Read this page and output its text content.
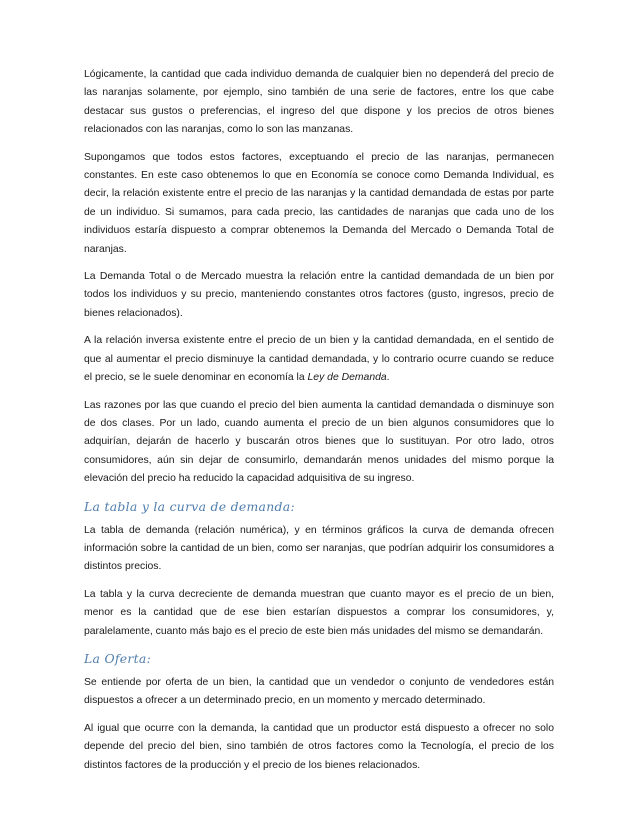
Lógicamente, la cantidad que cada individuo demanda de cualquier bien no dependerá del precio de las naranjas solamente, por ejemplo, sino también de una serie de factores, entre los que cabe destacar sus gustos o preferencias, el ingreso del que dispone y los precios de otros bienes relacionados con las naranjas, como lo son las manzanas.

Supongamos que todos estos factores, exceptuando el precio de las naranjas, permanecen constantes. En este caso obtenemos lo que en Economía se conoce como Demanda Individual, es decir, la relación existente entre el precio de las naranjas y la cantidad demandada de estas por parte de un individuo. Si sumamos, para cada precio, las cantidades de naranjas que cada uno de los individuos estaría dispuesto a comprar obtenemos la Demanda del Mercado o Demanda Total de naranjas.

La Demanda Total o de Mercado muestra la relación entre la cantidad demandada de un bien por todos los individuos y su precio, manteniendo constantes otros factores (gusto, ingresos, precio de bienes relacionados).

A la relación inversa existente entre el precio de un bien y la cantidad demandada, en el sentido de que al aumentar el precio disminuye la cantidad demandada, y lo contrario ocurre cuando se reduce el precio, se le suele denominar en economía la Ley de Demanda.

Las razones por las que cuando el precio del bien aumenta la cantidad demandada o disminuye son de dos clases. Por un lado, cuando aumenta el precio de un bien algunos consumidores que lo adquirían, dejarán de hacerlo y buscarán otros bienes que lo sustituyan. Por otro lado, otros consumidores, aún sin dejar de consumirlo, demandarán menos unidades del mismo porque la elevación del precio ha reducido la capacidad adquisitiva de su ingreso.

La tabla y la curva de demanda:

La tabla de demanda (relación numérica), y en términos gráficos la curva de demanda ofrecen información sobre la cantidad de un bien, como ser naranjas, que podrían adquirir los consumidores a distintos precios.

La tabla y la curva decreciente de demanda muestran que cuanto mayor es el precio de un bien, menor es la cantidad que de ese bien estarían dispuestos a comprar los consumidores, y, paralelamente, cuanto más bajo es el precio de este bien más unidades del mismo se demandarán.

La Oferta:

Se entiende por oferta de un bien, la cantidad que un vendedor o conjunto de vendedores están dispuestos a ofrecer a un determinado precio, en un momento y mercado determinado.

Al igual que ocurre con la demanda, la cantidad que un productor está dispuesto a ofrecer no solo depende del precio del bien, sino también de otros factores como la Tecnología, el precio de los distintos factores de la producción y el precio de los bienes relacionados.
